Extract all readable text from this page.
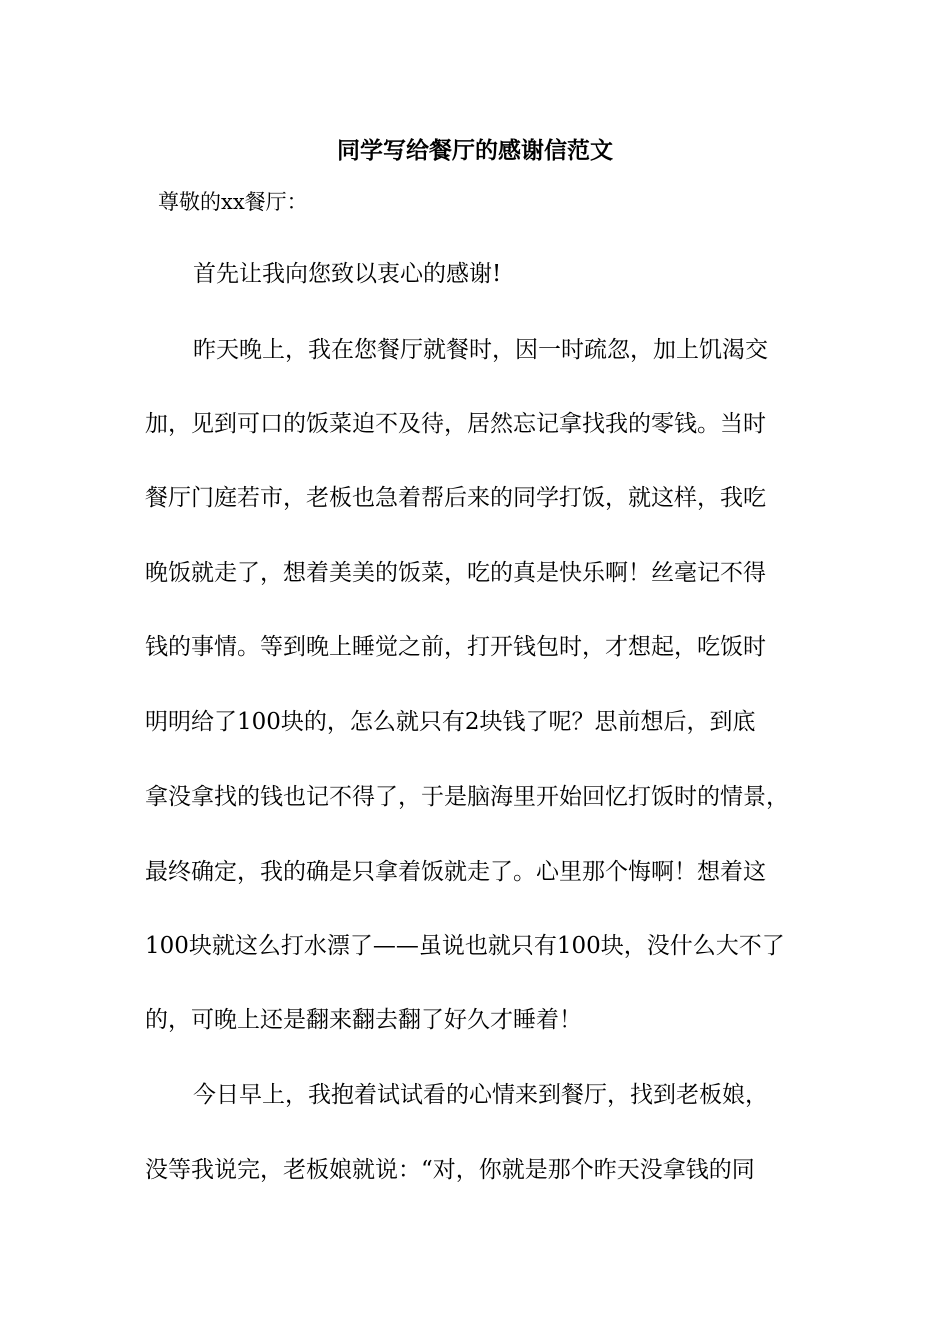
同学写给餐厅的感谢信范文
尊敬的xx餐厅：
首先让我向您致以衷心的感谢!
昨天晚上，我在您餐厅就餐时，因一时疏忽，加上饥渴交
加，见到可口的饭菜迫不及待，居然忘记拿找我的零钱。当时
餐厅门庭若市，老板也急着帮后来的同学打饭，就这样，我吃
晚饭就走了，想着美美的饭菜，吃的真是快乐啊！丝毫记不得
钱的事情。等到晚上睡觉之前，打开钱包时，才想起，吃饭时
明明给了100块的，怎么就只有2块钱了呢？思前想后，到底
拿没拿找的钱也记不得了，于是脑海里开始回忆打饭时的情景，
最终确定，我的确是只拿着饭就走了。心里那个悔啊！想着这
100块就这么打水漂了——虽说也就只有100块，没什么大不了
的，可晚上还是翻来翻去翻了好久才睡着！
今日早上，我抱着试试看的心情来到餐厅，找到老板娘，
没等我说完，老板娘就说：“对，你就是那个昨天没拿钱的同
